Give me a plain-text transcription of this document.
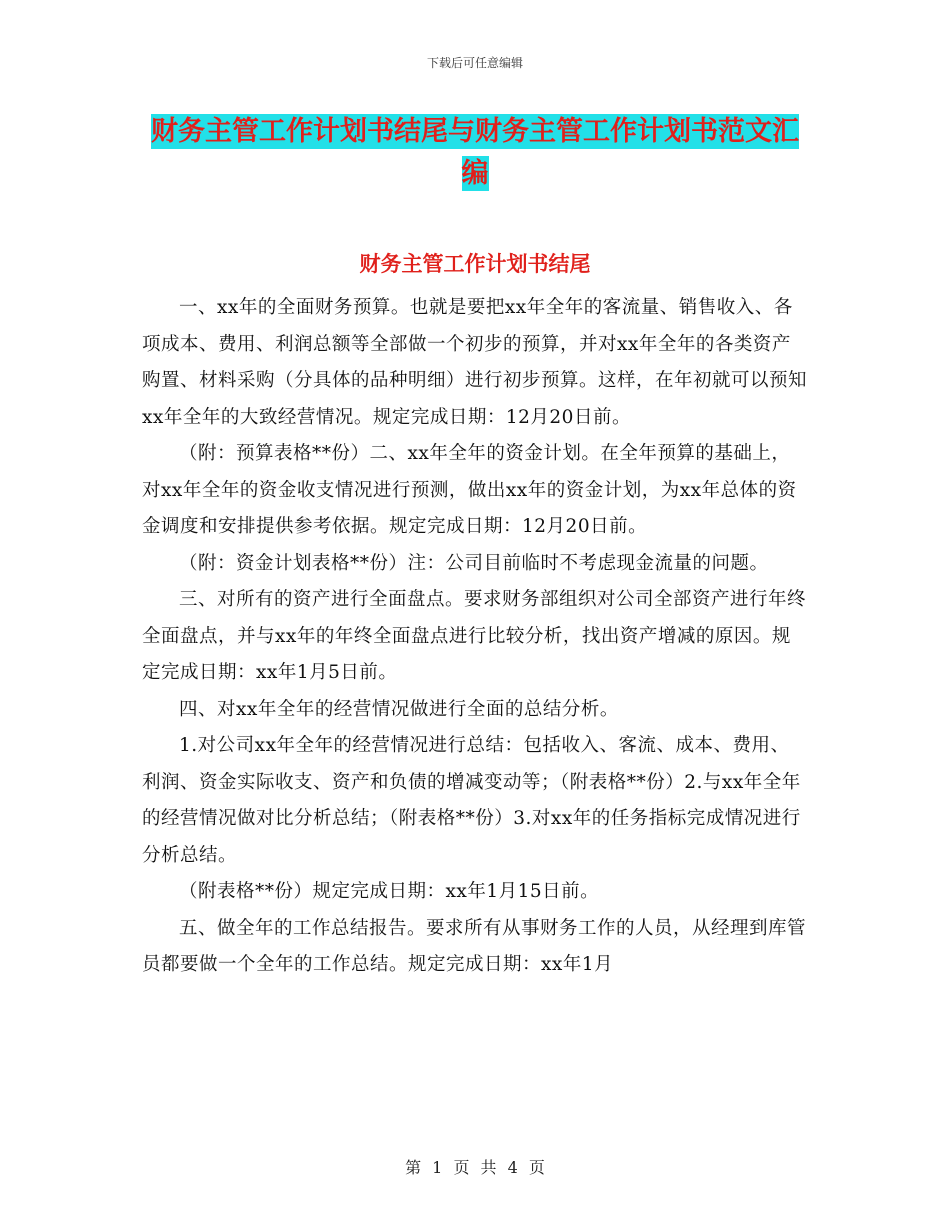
下载后可任意编辑
财务主管工作计划书结尾与财务主管工作计划书范文汇编
财务主管工作计划书结尾

一、xx年的全面财务预算。也就是要把xx年全年的客流量、销售收入、各项成本、费用、利润总额等全部做一个初步的预算，并对xx年全年的各类资产购置、材料采购（分具体的品种明细）进行初步预算。这样，在年初就可以预知xx年全年的大致经营情况。规定完成日期：12月20日前。

（附：预算表格**份）二、xx年全年的资金计划。在全年预算的基础上，对xx年全年的资金收支情况进行预测，做出xx年的资金计划，为xx年总体的资金调度和安排提供参考依据。规定完成日期：12月20日前。

（附：资金计划表格**份）注：公司目前临时不考虑现金流量的问题。

三、对所有的资产进行全面盘点。要求财务部组织对公司全部资产进行年终全面盘点，并与xx年的年终全面盘点进行比较分析，找出资产增减的原因。规定完成日期：xx年1月5日前。

四、对xx年全年的经营情况做进行全面的总结分析。

1.对公司xx年全年的经营情况进行总结：包括收入、客流、成本、费用、利润、资金实际收支、资产和负债的增减变动等；（附表格**份）2.与xx年全年的经营情况做对比分析总结；（附表格**份）3.对xx年的任务指标完成情况进行分析总结。

（附表格**份）规定完成日期：xx年1月15日前。

五、做全年的工作总结报告。要求所有从事财务工作的人员，从经理到库管员都要做一个全年的工作总结。规定完成日期：xx年1月

第 1 页 共 4 页
